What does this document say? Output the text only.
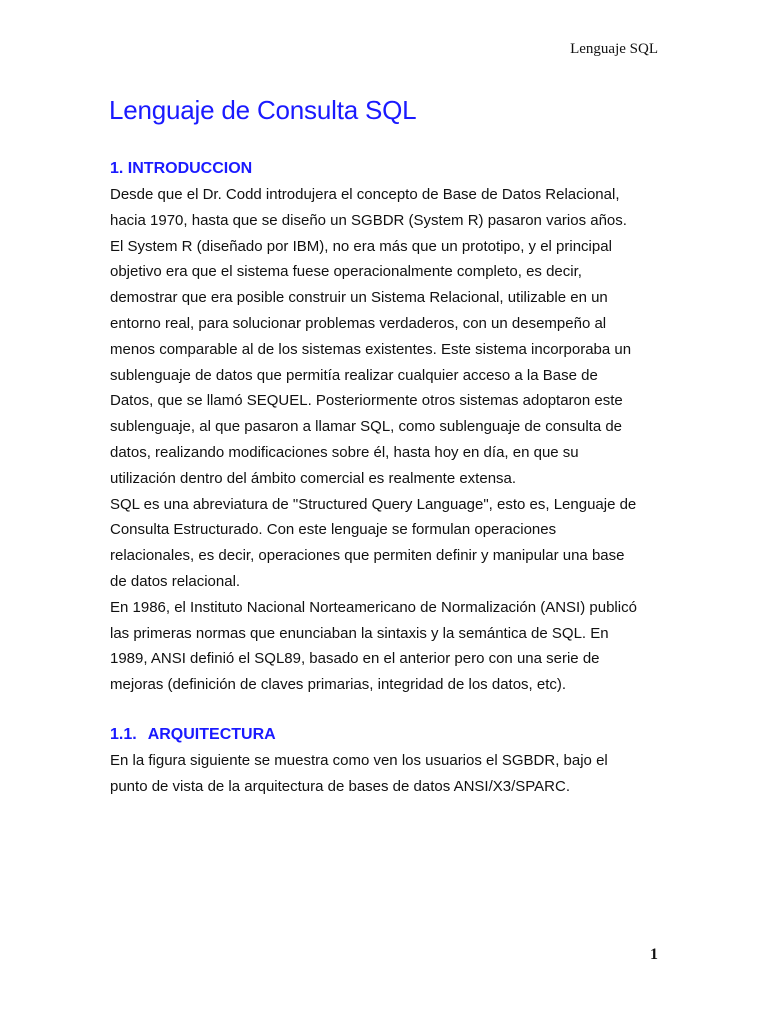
Lenguaje SQL
Lenguaje de Consulta SQL
1. INTRODUCCION

Desde que el Dr. Codd introdujera el concepto de Base de Datos Relacional,
hacia 1970, hasta que se diseño un SGBDR (System R) pasaron varios años.
El System R (diseñado por IBM), no era más que un prototipo, y el principal
objetivo era que el sistema fuese operacionalmente completo, es decir,
demostrar que era posible construir un Sistema Relacional, utilizable en un
entorno real, para solucionar problemas verdaderos, con un desempeño al
menos comparable al de los sistemas existentes. Este sistema incorporaba un
sublenguaje de datos que permitía realizar cualquier acceso a la Base de
Datos, que se llamó SEQUEL. Posteriormente otros sistemas adoptaron este
sublenguaje, al que pasaron a llamar SQL, como sublenguaje de consulta de
datos, realizando modificaciones sobre él, hasta hoy en día, en que su
utilización dentro del ámbito comercial es realmente extensa.
SQL es una abreviatura de "Structured Query Language", esto es, Lenguaje de
Consulta Estructurado. Con este lenguaje se formulan operaciones
relacionales, es decir, operaciones que permiten definir y manipular una base
de datos relacional.
En 1986, el Instituto Nacional Norteamericano de Normalización (ANSI) publicó
las primeras normas que enunciaban la sintaxis y la semántica de SQL. En
1989, ANSI definió el SQL89, basado en el anterior pero con una serie de
mejoras (definición de claves primarias, integridad de los datos, etc).

1.1. ARQUITECTURA

En la figura siguiente se muestra como ven los usuarios el SGBDR, bajo el
punto de vista de la arquitectura de bases de datos ANSI/X3/SPARC.

1
